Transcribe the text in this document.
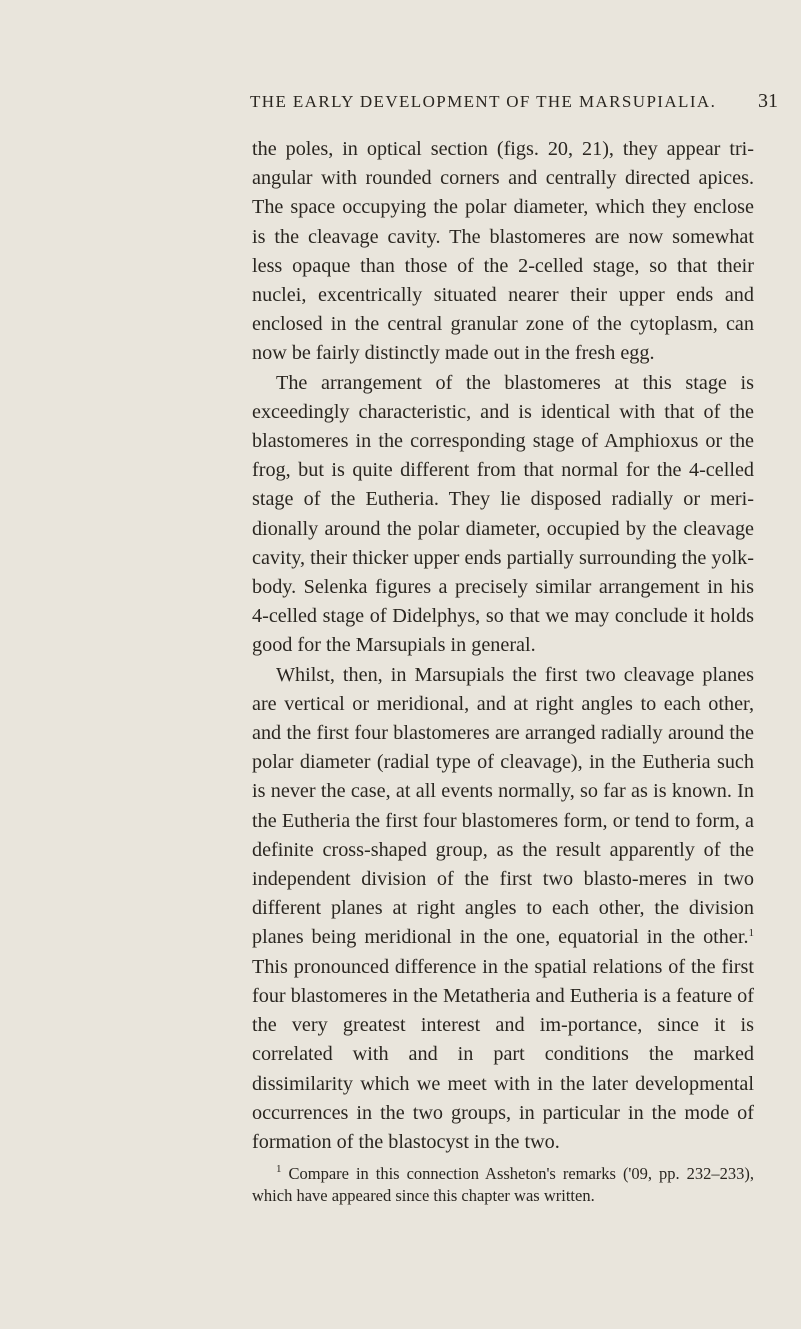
THE EARLY DEVELOPMENT OF THE MARSUPIALIA. 31

the poles, in optical section (figs. 20, 21), they appear tri-angular with rounded corners and centrally directed apices. The space occupying the polar diameter, which they enclose is the cleavage cavity. The blastomeres are now somewhat less opaque than those of the 2-celled stage, so that their nuclei, excentrically situated nearer their upper ends and enclosed in the central granular zone of the cytoplasm, can now be fairly distinctly made out in the fresh egg.

The arrangement of the blastomeres at this stage is exceedingly characteristic, and is identical with that of the blastomeres in the corresponding stage of Amphioxus or the frog, but is quite different from that normal for the 4-celled stage of the Eutheria. They lie disposed radially or meri-dionally around the polar diameter, occupied by the cleavage cavity, their thicker upper ends partially surrounding the yolk-body. Selenka figures a precisely similar arrangement in his 4-celled stage of Didelphys, so that we may conclude it holds good for the Marsupials in general.

Whilst, then, in Marsupials the first two cleavage planes are vertical or meridional, and at right angles to each other, and the first four blastomeres are arranged radially around the polar diameter (radial type of cleavage), in the Eutheria such is never the case, at all events normally, so far as is known. In the Eutheria the first four blastomeres form, or tend to form, a definite cross-shaped group, as the result apparently of the independent division of the first two blasto-meres in two different planes at right angles to each other, the division planes being meridional in the one, equatorial in the other.$^1$ This pronounced difference in the spatial relations of the first four blastomeres in the Metatheria and Eutheria is a feature of the very greatest interest and im-portance, since it is correlated with and in part conditions the marked dissimilarity which we meet with in the later developmental occurrences in the two groups, in particular in the mode of formation of the blastocyst in the two.

$^1$ Compare in this connection Assheton's remarks ('09, pp. 232–233), which have appeared since this chapter was written.
